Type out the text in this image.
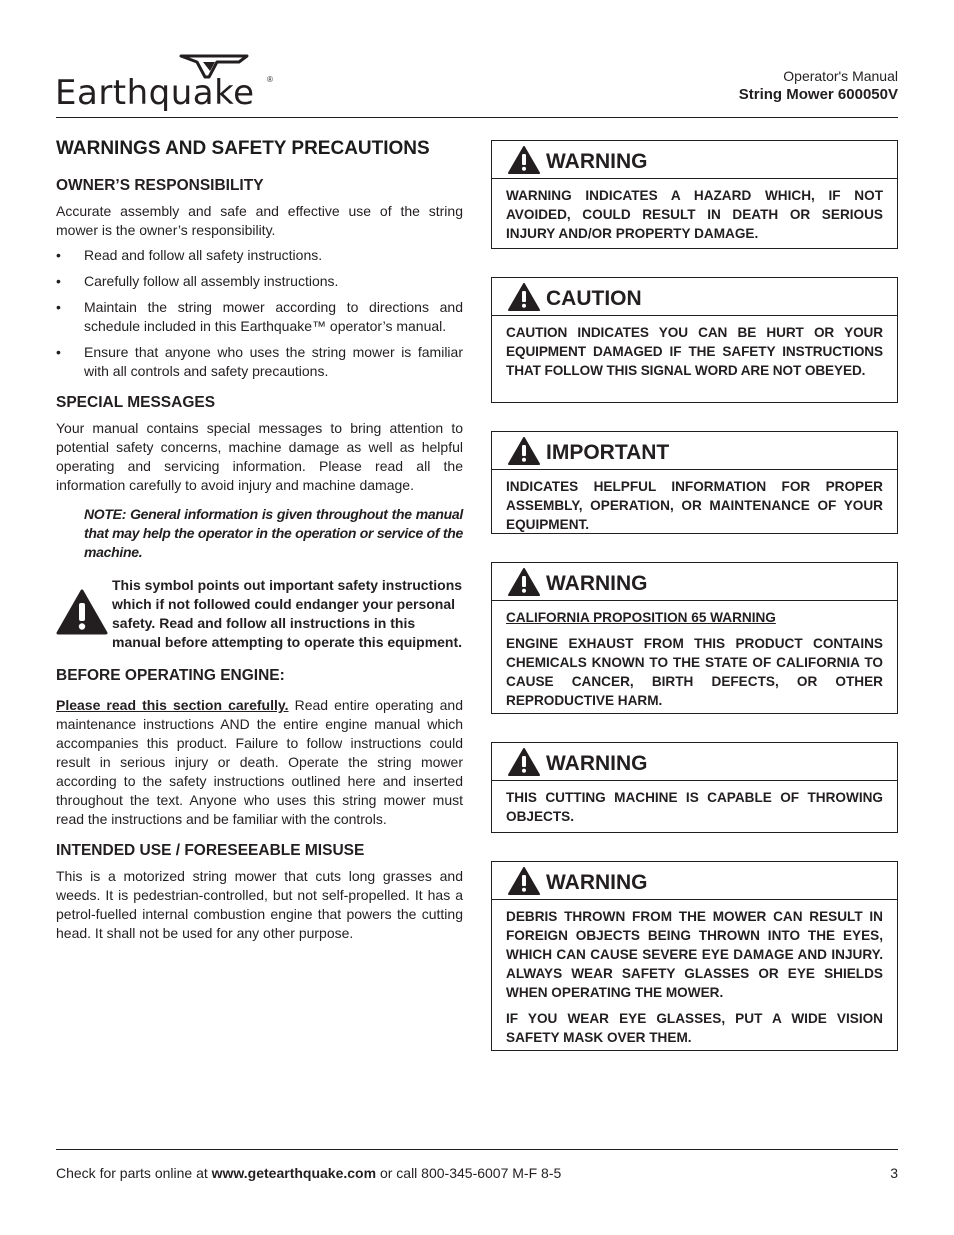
Earthquake ®	Operator's Manual
String Mower 600050V
WARNINGS AND SAFETY PRECAUTIONS
OWNER’S RESPONSIBILITY

Accurate assembly and safe and effective use of the string mower is the owner’s responsibility.

• Read and follow all safety instructions.
• Carefully follow all assembly instructions.
• Maintain the string mower according to directions and schedule included in this Earthquake™ operator’s manual.
• Ensure that anyone who uses the string mower is familiar with all controls and safety precautions.
SPECIAL MESSAGES

Your manual contains special messages to bring attention to potential safety concerns, machine damage as well as helpful operating and servicing information. Please read all the information carefully to avoid injury and machine damage.

NOTE: General information is given throughout the manual that may help the operator in the operation or service of the machine.

This symbol points out important safety instructions which if not followed could endanger your personal safety. Read and follow all instructions in this manual before attempting to operate this equipment.
BEFORE OPERATING ENGINE:

Please read this section carefully. Read entire operating and maintenance instructions AND the entire engine manual which accompanies this product. Failure to follow instructions could result in serious injury or death. Operate the string mower according to the safety instructions outlined here and inserted throughout the text. Anyone who uses this string mower must read the instructions and be familiar with the controls.

INTENDED USE / FORESEEABLE MISUSE

This is a motorized string mower that cuts long grasses and weeds. It is pedestrian-controlled, but not self-propelled. It has a petrol-fuelled internal combustion engine that powers the cutting head. It shall not be used for any other purpose.

WARNING
WARNING INDICATES A HAZARD WHICH, IF NOT AVOIDED, COULD RESULT IN DEATH OR SERIOUS INJURY AND/OR PROPERTY DAMAGE.
CAUTION
CAUTION INDICATES YOU CAN BE HURT OR YOUR EQUIPMENT DAMAGED IF THE SAFETY INSTRUCTIONS THAT FOLLOW THIS SIGNAL WORD ARE NOT OBEYED.
IMPORTANT
INDICATES HELPFUL INFORMATION FOR PROPER ASSEMBLY, OPERATION, OR MAINTENANCE OF YOUR EQUIPMENT.
WARNING
CALIFORNIA PROPOSITION 65 WARNING
ENGINE EXHAUST FROM THIS PRODUCT CONTAINS CHEMICALS KNOWN TO THE STATE OF CALIFORNIA TO CAUSE CANCER, BIRTH DEFECTS, OR OTHER REPRODUCTIVE HARM.
WARNING
THIS CUTTING MACHINE IS CAPABLE OF THROWING OBJECTS.
WARNING
DEBRIS THROWN FROM THE MOWER CAN RESULT IN FOREIGN OBJECTS BEING THROWN INTO THE EYES, WHICH CAN CAUSE SEVERE EYE DAMAGE AND INJURY. ALWAYS WEAR SAFETY GLASSES OR EYE SHIELDS WHEN OPERATING THE MOWER.
IF YOU WEAR EYE GLASSES, PUT A WIDE VISION SAFETY MASK OVER THEM.
Check for parts online at www.getearthquake.com or call 800-345-6007 M-F 8-5	3
